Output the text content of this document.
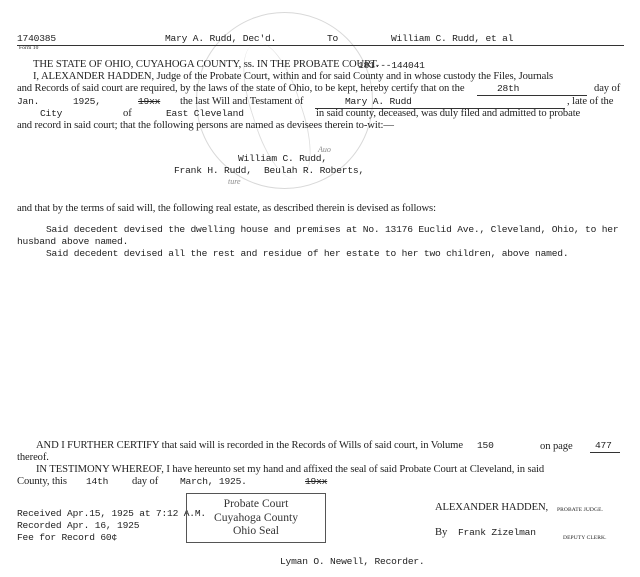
1740385
Form 10
Mary A. Rudd, Dec'd.	To	William C. Rudd, et al
THE STATE OF OHIO, CUYAHOGA COUNTY, ss. IN THE PROBATE COURT.
181---144041
I, ALEXANDER HADDEN, Judge of the Probate Court, within and for said County and in whose custody the Files, Journals
and Records of said court are required, by the laws of the state of Ohio, to be kept, hereby certify that on the	28th	day of
Jan.	1925,	19xx the last Will and Testament of	Mary A. Rudd	, late of the
City	of	East Cleveland	in said county, deceased, was duly filed and admitted to probate
and record in said court; that the following persons are named as devisees therein to-wit:—
Auo
William C. Rudd,
Frank H. Rudd, Beulah R. Roberts,
ture
and that by the terms of said will, the following real estate, as described therein is devised as follows:
Said decedent devised the dwelling house and premises at No. 13176 Euclid Ave., Cleveland, Ohio, to her
husband above named.
Said decedent devised all the rest and residue of her estate to her two children, above named.
AND I FURTHER CERTIFY that said will is recorded in the Records of Wills of said court, in Volume 150	on page 477
thereof.
IN TESTIMONY WHEREOF, I have hereunto set my hand and affixed the seal of said Probate Court at Cleveland, in said
County, this 14th day of March, 1925.	19xx
Received Apr.15, 1925 at 7:12 A.M.
Recorded Apr. 16, 1925
Fee for Record 60¢
Probate Court
Cuyahoga County
Ohio Seal
ALEXANDER HADDEN, PROBATE JUDGE.
By Frank Zizelman	DEPUTY CLERK.
Lyman O. Newell, Recorder.
